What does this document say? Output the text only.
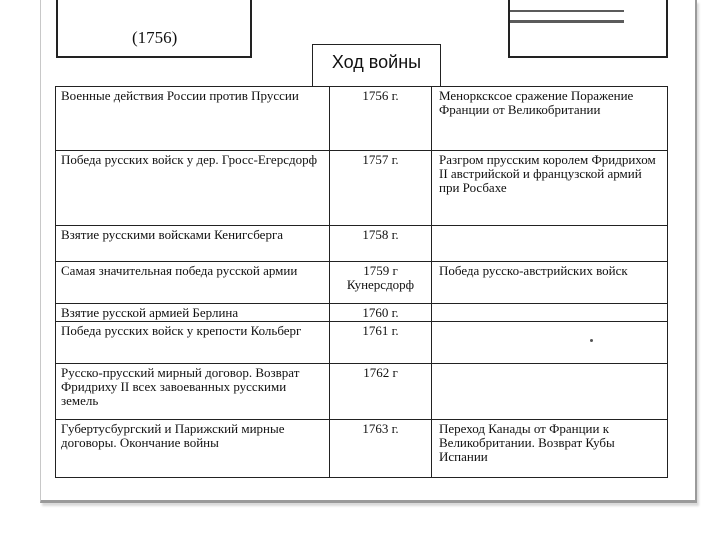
(1756)
Ход войны
Военные действия России против Пруссии	1756 г.	Менорксксое сражение Поражение Франции от Великобритании
Победа русских войск у дер. Гросс-Егерсдорф	1757 г.	Разгром прусским королем Фридрихом II австрийской и французской армий при Росбахе
Взятие русскими войсками Кенигсберга	1758 г.	
Самая значительная победа русской армии	1759 г Кунерсдорф	Победа русско-австрийских войск
Взятие русской армией Берлина	1760 г.	
Победа русских войск у крепости Кольберг	1761 г.	
Русско-прусский мирный договор. Возврат Фридриху II всех завоеванных русскими земель	1762 г	
Губертусбургский и Парижский мирные договоры. Окончание войны	1763 г.	Переход Канады от Франции к Великобритании. Возврат Кубы Испании
